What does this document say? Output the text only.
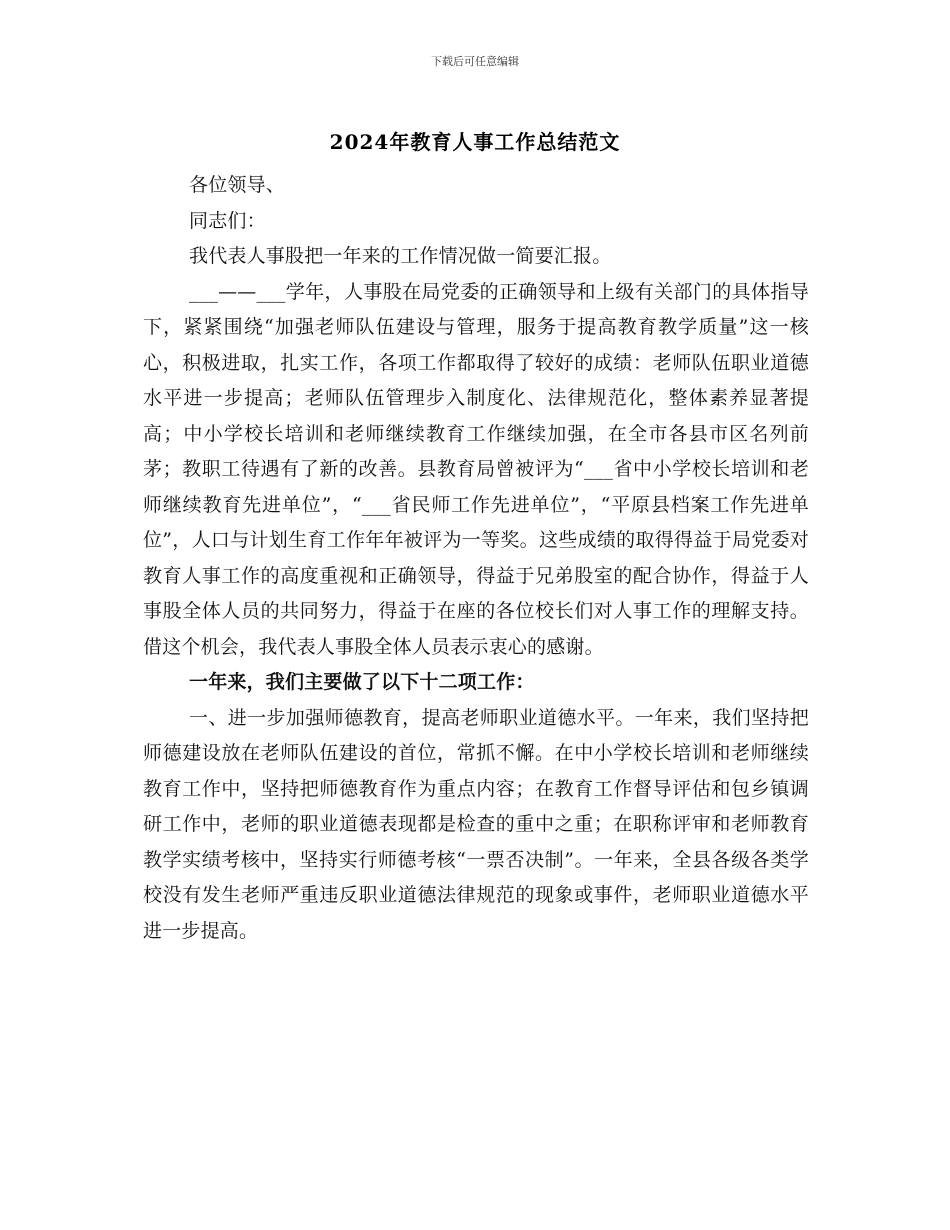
下载后可任意编辑
2024年教育人事工作总结范文

各位领导、

同志们：

我代表人事股把一年来的工作情况做一简要汇报。

___——___学年，人事股在局党委的正确领导和上级有关部门的具体指导下，紧紧围绕“加强老师队伍建设与管理，服务于提高教育教学质量”这一核心，积极进取，扎实工作，各项工作都取得了较好的成绩：老师队伍职业道德水平进一步提高；老师队伍管理步入制度化、法律规范化，整体素养显著提高；中小学校长培训和老师继续教育工作继续加强，在全市各县市区名列前茅；教职工待遇有了新的改善。县教育局曾被评为“___省中小学校长培训和老师继续教育先进单位”，“___省民师工作先进单位”，“平原县档案工作先进单位”，人口与计划生育工作年年被评为一等奖。这些成绩的取得得益于局党委对教育人事工作的高度重视和正确领导，得益于兄弟股室的配合协作，得益于人事股全体人员的共同努力，得益于在座的各位校长们对人事工作的理解支持。借这个机会，我代表人事股全体人员表示衷心的感谢。

一年来，我们主要做了以下十二项工作：

一、进一步加强师德教育，提高老师职业道德水平。一年来，我们坚持把师德建设放在老师队伍建设的首位，常抓不懈。在中小学校长培训和老师继续教育工作中，坚持把师德教育作为重点内容；在教育工作督导评估和包乡镇调研工作中，老师的职业道德表现都是检查的重中之重；在职称评审和老师教育教学实绩考核中，坚持实行师德考核“一票否决制”。一年来，全县各级各类学校没有发生老师严重违反职业道德法律规范的现象或事件，老师职业道德水平进一步提高。
